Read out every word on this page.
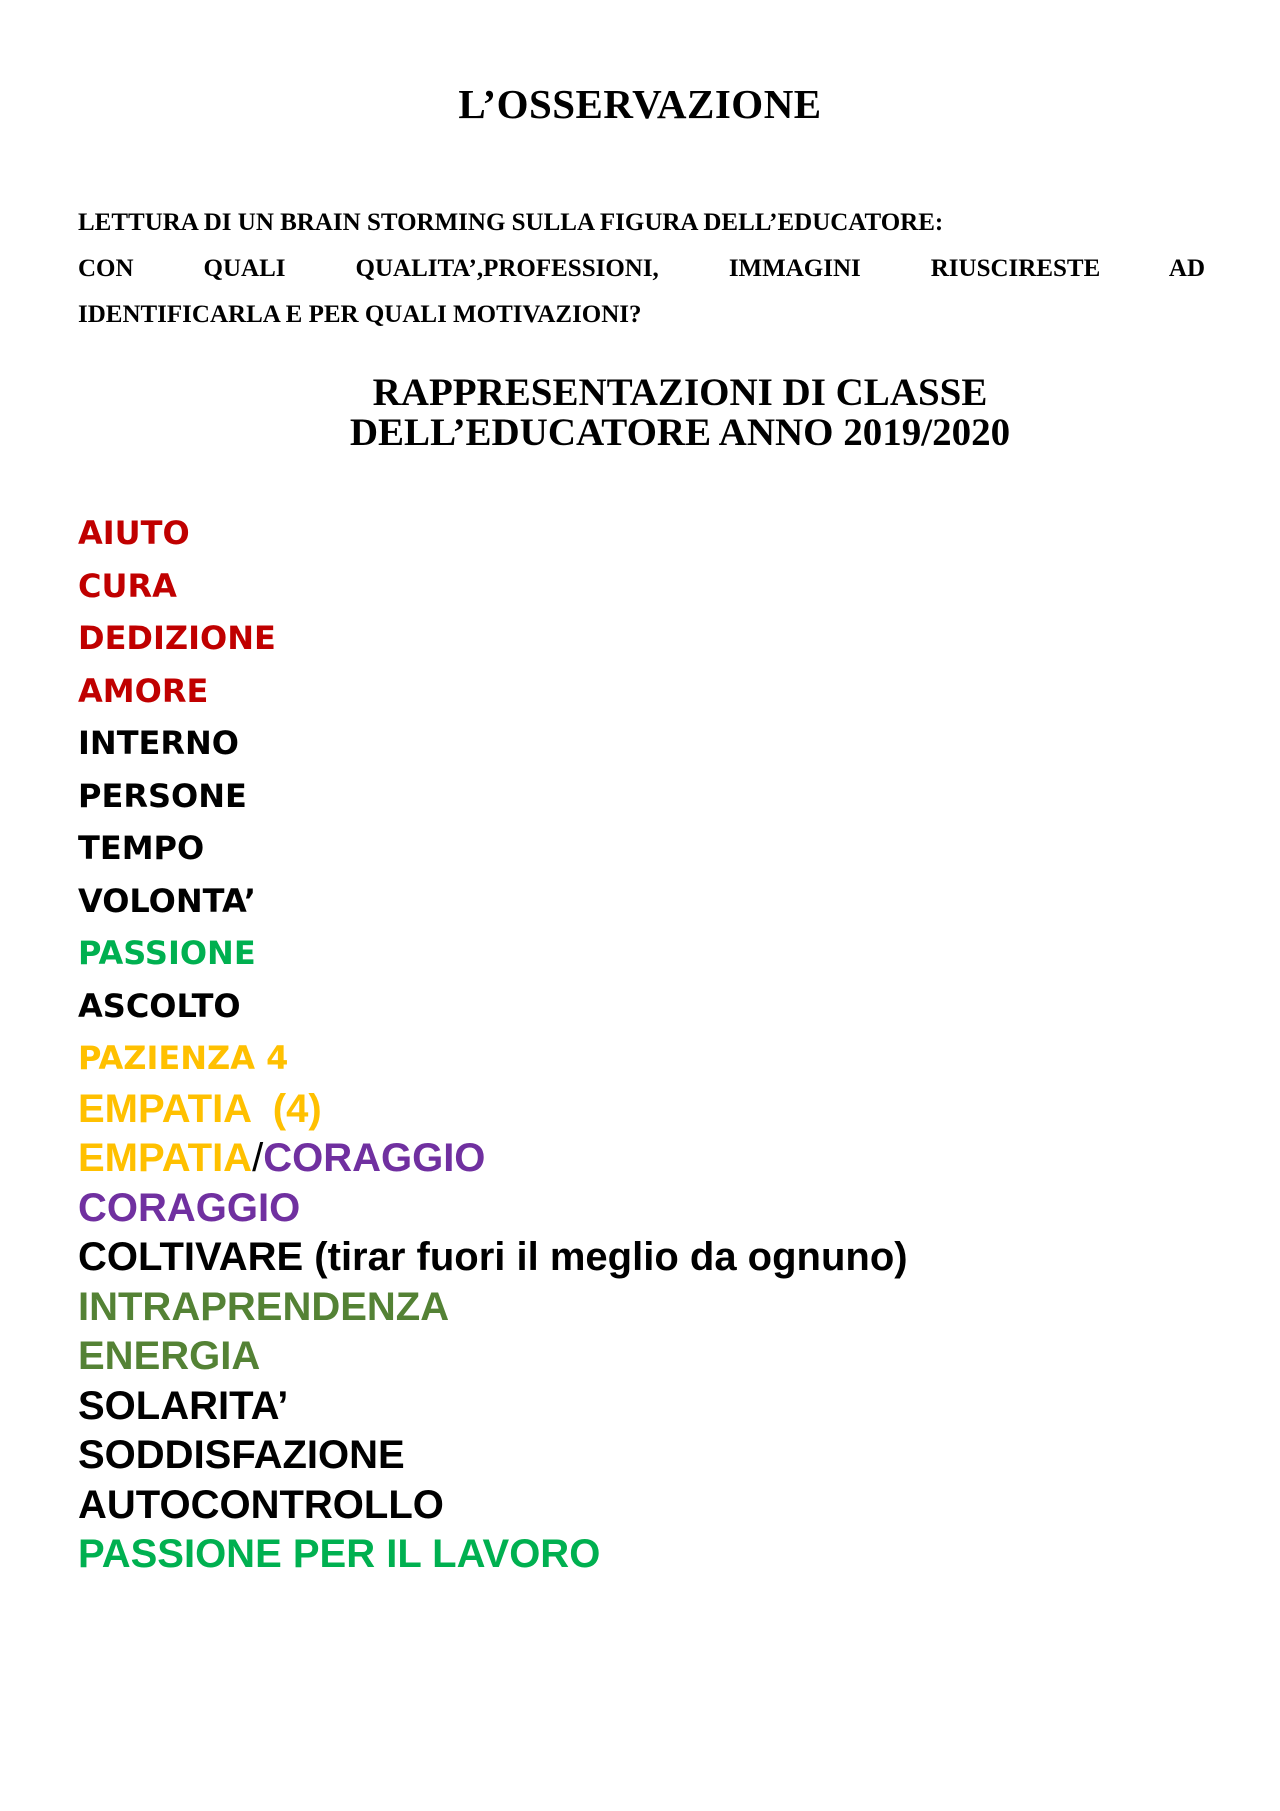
L’OSSERVAZIONE
LETTURA DI UN BRAIN STORMING SULLA FIGURA DELL’EDUCATORE:
CON QUALI QUALITA’,PROFESSIONI, IMMAGINI RIUSCIRESTE AD
IDENTIFICARLA E PER QUALI MOTIVAZIONI?
RAPPRESENTAZIONI DI CLASSE
DELL’EDUCATORE ANNO 2019/2020
AIUTO
CURA
DEDIZIONE
AMORE
INTERNO
PERSONE
TEMPO
VOLONTA’
PASSIONE
ASCOLTO
PAZIENZA 4
EMPATIA  (4)
EMPATIA/CORAGGIO
CORAGGIO
COLTIVARE (tirar fuori il meglio da ognuno)
INTRAPRENDENZA
ENERGIA
SOLARITA’
SODDISFAZIONE
AUTOCONTROLLO
PASSIONE PER IL LAVORO
